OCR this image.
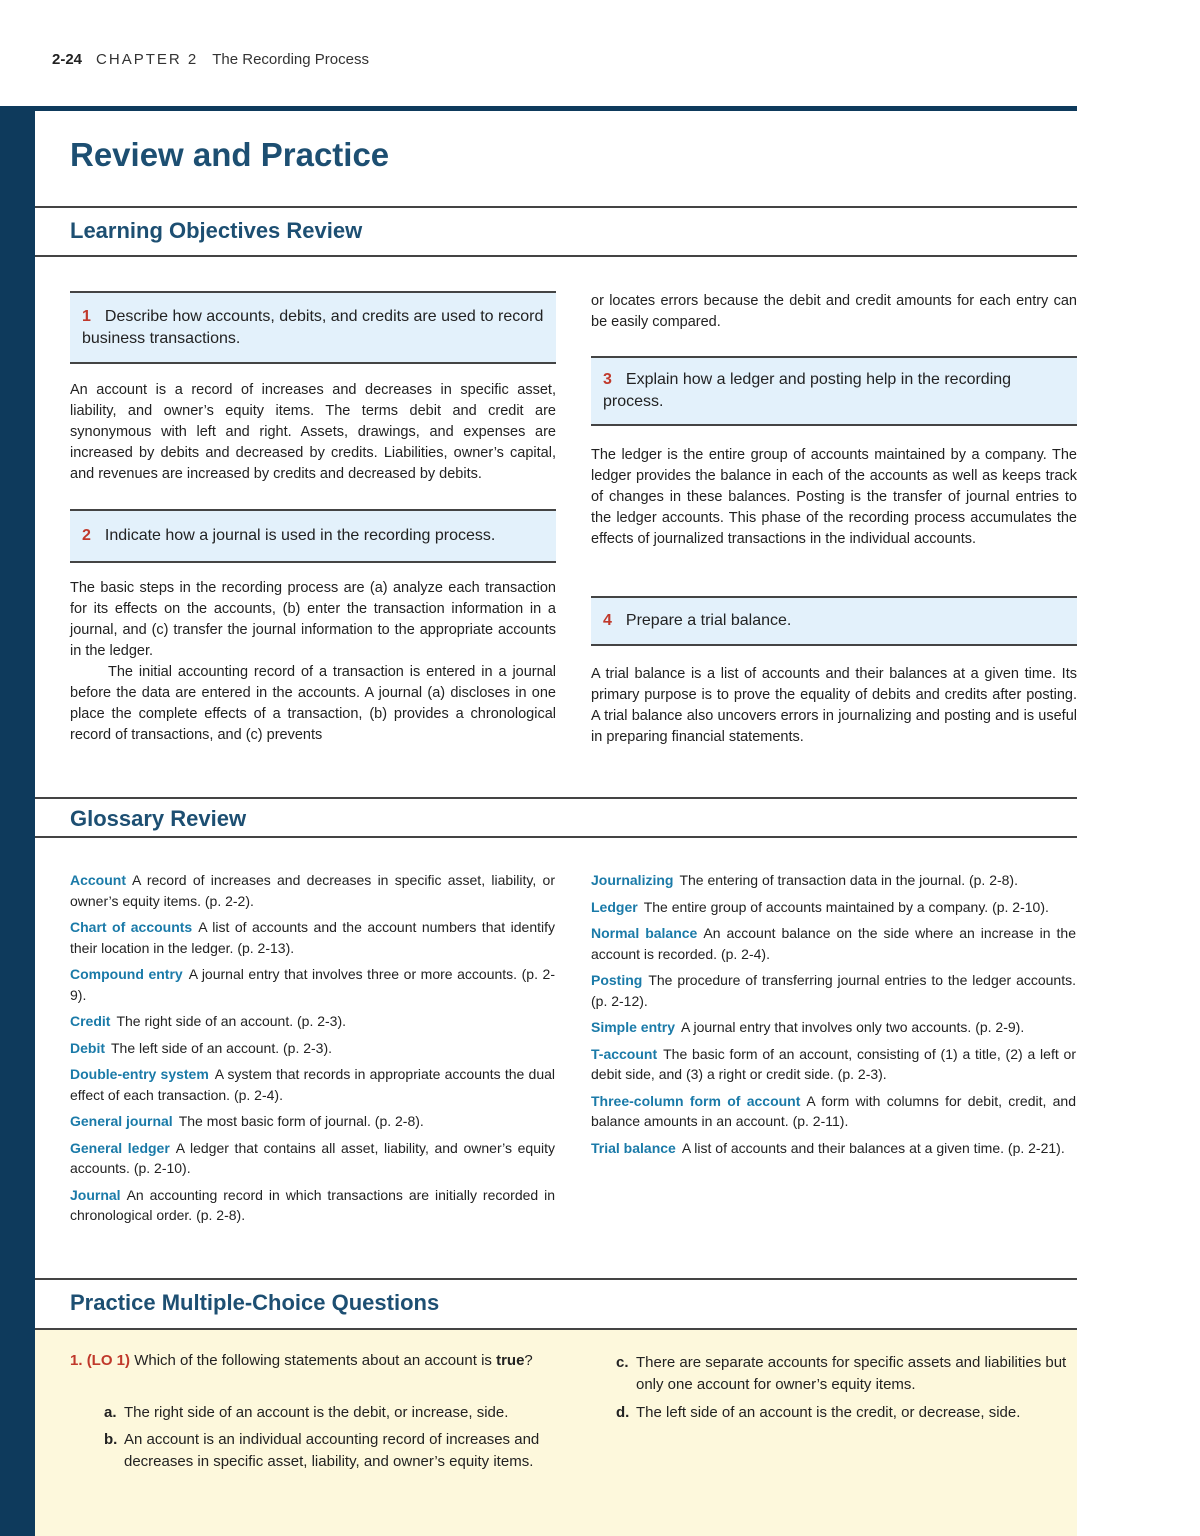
2-24 CHAPTER 2 The Recording Process
Review and Practice
Learning Objectives Review
1 Describe how accounts, debits, and credits are used to record business transactions.

An account is a record of increases and decreases in specific asset, liability, and owner’s equity items. The terms debit and credit are synonymous with left and right. Assets, drawings, and expenses are increased by debits and decreased by credits. Liabilities, owner’s capital, and revenues are increased by credits and decreased by debits.

2 Indicate how a journal is used in the recording process.

The basic steps in the recording process are (a) analyze each transaction for its effects on the accounts, (b) enter the transaction information in a journal, and (c) transfer the journal information to the appropriate accounts in the ledger.

The initial accounting record of a transaction is entered in a journal before the data are entered in the accounts. A journal (a) discloses in one place the complete effects of a transaction, (b) provides a chronological record of transactions, and (c) prevents

or locates errors because the debit and credit amounts for each entry can be easily compared.

3 Explain how a ledger and posting help in the recording process.

The ledger is the entire group of accounts maintained by a company. The ledger provides the balance in each of the accounts as well as keeps track of changes in these balances. Posting is the transfer of journal entries to the ledger accounts. This phase of the recording process accumulates the effects of journalized transactions in the individual accounts.

4 Prepare a trial balance.

A trial balance is a list of accounts and their balances at a given time. Its primary purpose is to prove the equality of debits and credits after posting. A trial balance also uncovers errors in journalizing and posting and is useful in preparing financial statements.

Glossary Review
Account A record of increases and decreases in specific asset, liability, or owner’s equity items. (p. 2-2).
Chart of accounts A list of accounts and the account numbers that identify their location in the ledger. (p. 2-13).
Compound entry A journal entry that involves three or more accounts. (p. 2-9).
Credit The right side of an account. (p. 2-3).
Debit The left side of an account. (p. 2-3).
Double-entry system A system that records in appropriate accounts the dual effect of each transaction. (p. 2-4).
General journal The most basic form of journal. (p. 2-8).
General ledger A ledger that contains all asset, liability, and owner’s equity accounts. (p. 2-10).
Journal An accounting record in which transactions are initially recorded in chronological order. (p. 2-8).
Journalizing The entering of transaction data in the journal. (p. 2-8).
Ledger The entire group of accounts maintained by a company. (p. 2-10).
Normal balance An account balance on the side where an increase in the account is recorded. (p. 2-4).
Posting The procedure of transferring journal entries to the ledger accounts. (p. 2-12).
Simple entry A journal entry that involves only two accounts. (p. 2-9).
T-account The basic form of an account, consisting of (1) a title, (2) a left or debit side, and (3) a right or credit side. (p. 2-3).
Three-column form of account A form with columns for debit, credit, and balance amounts in an account. (p. 2-11).
Trial balance A list of accounts and their balances at a given time. (p. 2-21).
Practice Multiple-Choice Questions
1. (LO 1) Which of the following statements about an account is true?
a. The right side of an account is the debit, or increase, side.
b. An account is an individual accounting record of increases and decreases in specific asset, liability, and owner’s equity items.
c. There are separate accounts for specific assets and liabilities but only one account for owner’s equity items.
d. The left side of an account is the credit, or decrease, side.
